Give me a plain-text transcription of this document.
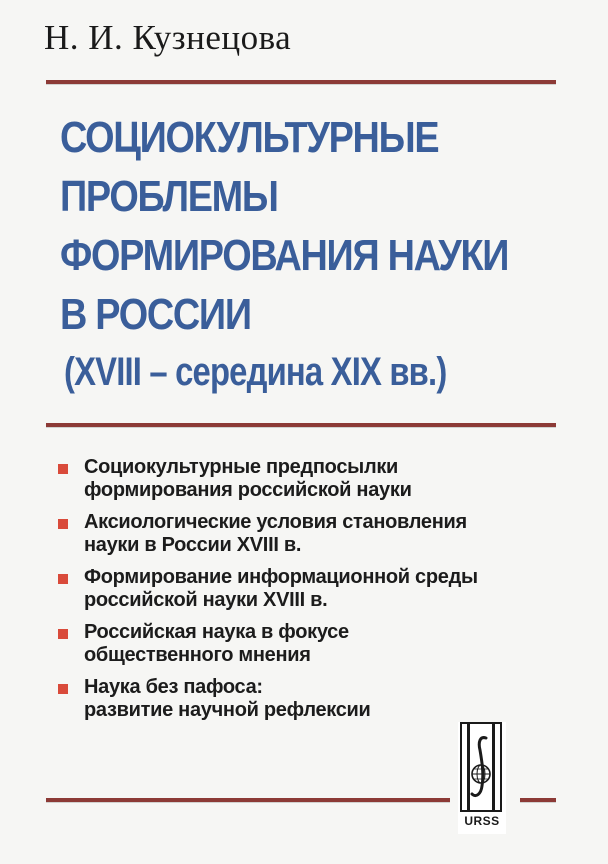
Н. И. Кузнецова
СОЦИОКУЛЬТУРНЫЕ
ПРОБЛЕМЫ
ФОРМИРОВАНИЯ НАУКИ
В РОССИИ
(XVIII – середина XIX вв.)
Социокультурные предпосылки
формирования российской науки
Аксиологические условия становления
науки в России XVIII в.
Формирование информационной среды
российской науки XVIII в.
Российская наука в фокусе
общественного мнения
Наука без пафоса:
развитие научной рефлексии
URSS
